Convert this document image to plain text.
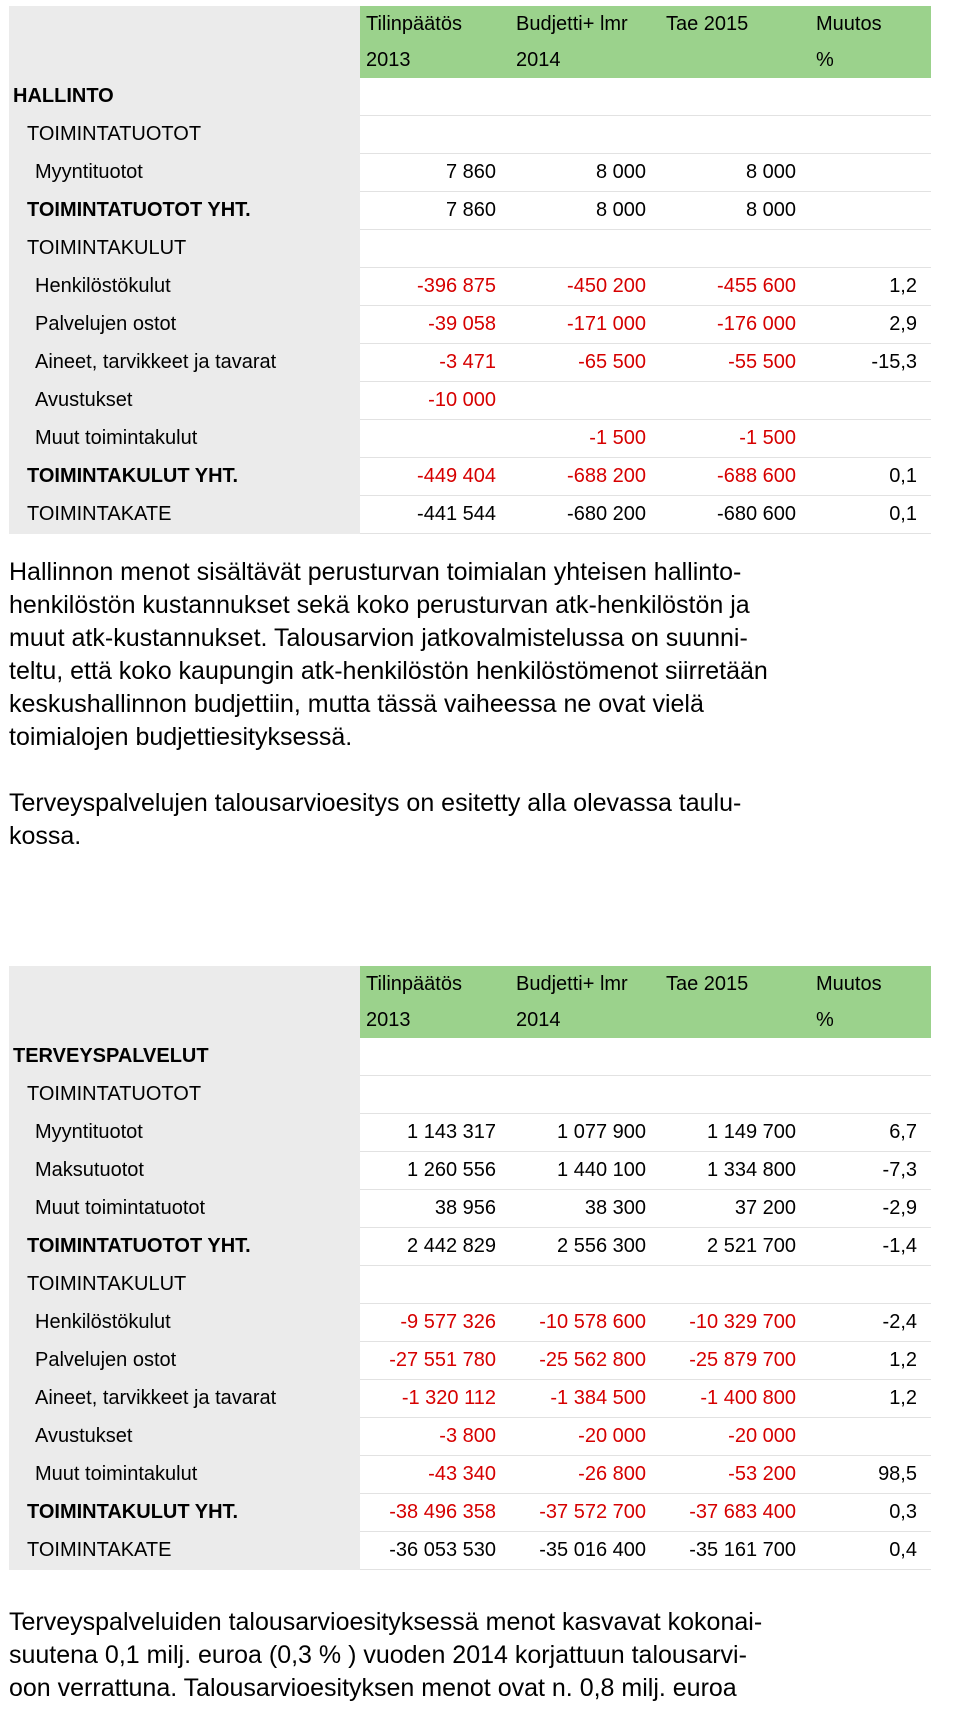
	Tilinpäätös	Budjetti+ lmr	Tae 2015	Muutos
	2013	2014		%
HALLINTO				
TOIMINTATUOTOT				
Myyntituotot	7 860	8 000	8 000	
TOIMINTATUOTOT YHT.	7 860	8 000	8 000	
TOIMINTAKULUT				
Henkilöstökulut	-396 875	-450 200	-455 600	1,2
Palvelujen ostot	-39 058	-171 000	-176 000	2,9
Aineet, tarvikkeet ja tavarat	-3 471	-65 500	-55 500	-15,3
Avustukset	-10 000			
Muut toimintakulut		-1 500	-1 500	
TOIMINTAKULUT YHT.	-449 404	-688 200	-688 600	0,1
TOIMINTAKATE	-441 544	-680 200	-680 600	0,1
Hallinnon menot sisältävät perusturvan toimialan yhteisen hallinto-
henkilöstön kustannukset sekä koko perusturvan atk-henkilöstön ja
muut atk-kustannukset. Talousarvion jatkovalmistelussa on suunni-
teltu, että koko kaupungin atk-henkilöstön henkilöstömenot siirretään
keskushallinnon budjettiin, mutta tässä vaiheessa ne ovat vielä
toimialojen budjettiesityksessä.
Terveyspalvelujen talousarvioesitys on esitetty alla olevassa taulu-
kossa.
	Tilinpäätös	Budjetti+ lmr	Tae 2015	Muutos
	2013	2014		%
TERVEYSPALVELUT				
TOIMINTATUOTOT				
Myyntituotot	1 143 317	1 077 900	1 149 700	6,7
Maksutuotot	1 260 556	1 440 100	1 334 800	-7,3
Muut toimintatuotot	38 956	38 300	37 200	-2,9
TOIMINTATUOTOT YHT.	2 442 829	2 556 300	2 521 700	-1,4
TOIMINTAKULUT				
Henkilöstökulut	-9 577 326	-10 578 600	-10 329 700	-2,4
Palvelujen ostot	-27 551 780	-25 562 800	-25 879 700	1,2
Aineet, tarvikkeet ja tavarat	-1 320 112	-1 384 500	-1 400 800	1,2
Avustukset	-3 800	-20 000	-20 000	
Muut toimintakulut	-43 340	-26 800	-53 200	98,5
TOIMINTAKULUT YHT.	-38 496 358	-37 572 700	-37 683 400	0,3
TOIMINTAKATE	-36 053 530	-35 016 400	-35 161 700	0,4
Terveyspalveluiden talousarvioesityksessä menot kasvavat kokonai-
suutena 0,1 milj. euroa (0,3 % ) vuoden 2014 korjattuun talousarvi-
oon verrattuna. Talousarvioesityksen menot ovat n. 0,8 milj. euroa
